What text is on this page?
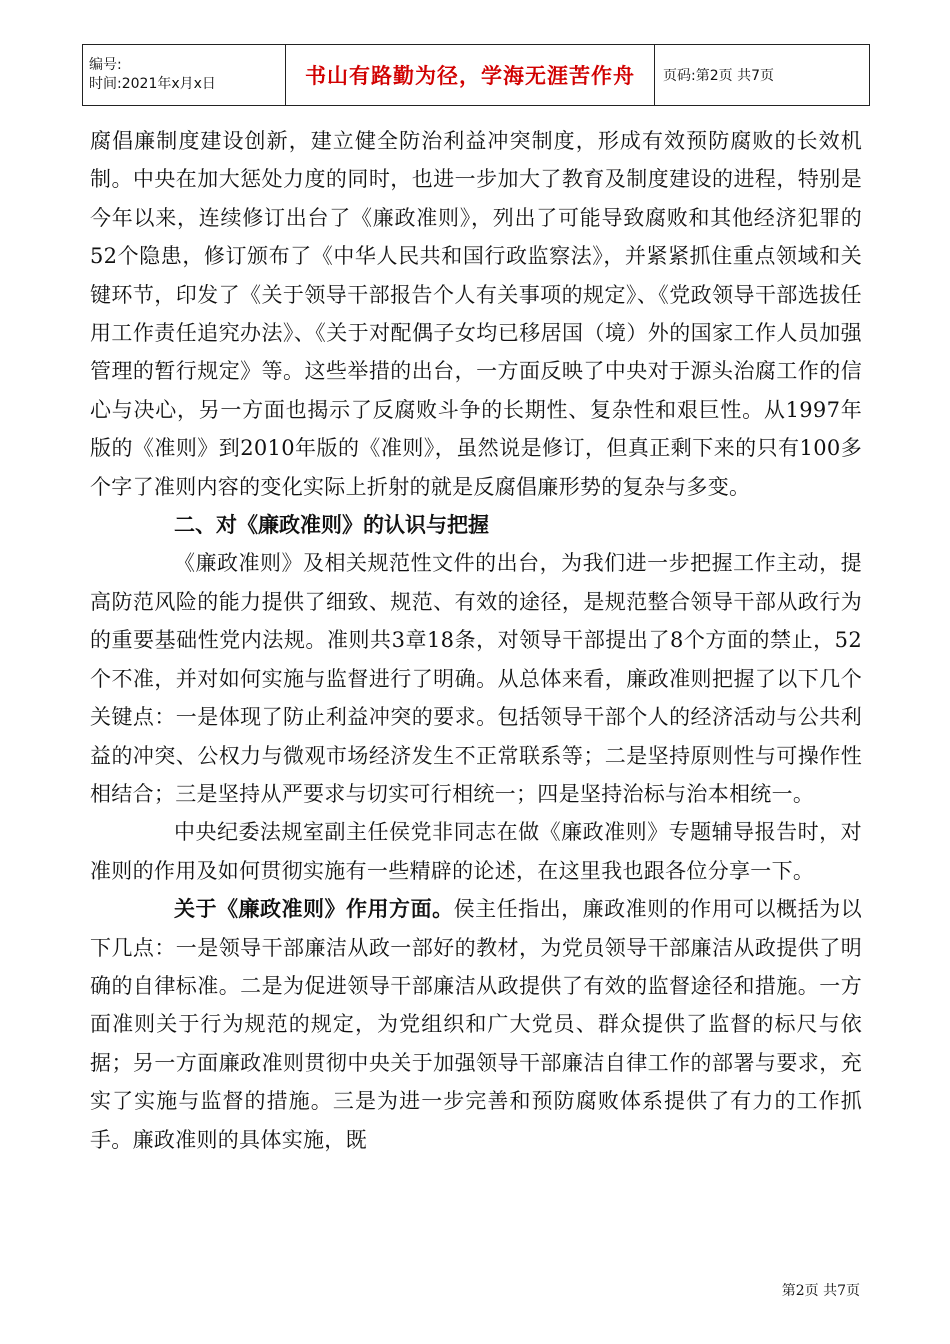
编号:
时间:2021年x月x日	书山有路勤为径，学海无涯苦作舟	页码:第2页 共7页

腐倡廉制度建设创新，建立健全防治利益冲突制度，形成有效预防腐败的长效机制。中央在加大惩处力度的同时，也进一步加大了教育及制度建设的进程，特别是今年以来，连续修订出台了《廉政准则》，列出了可能导致腐败和其他经济犯罪的52个隐患，修订颁布了《中华人民共和国行政监察法》，并紧紧抓住重点领域和关键环节，印发了《关于领导干部报告个人有关事项的规定》、《党政领导干部选拔任用工作责任追究办法》、《关于对配偶子女均已移居国（境）外的国家工作人员加强管理的暂行规定》等。这些举措的出台，一方面反映了中央对于源头治腐工作的信心与决心，另一方面也揭示了反腐败斗争的长期性、复杂性和艰巨性。从1997年版的《准则》到2010年版的《准则》，虽然说是修订，但真正剩下来的只有100多个字了准则内容的变化实际上折射的就是反腐倡廉形势的复杂与多变。

二、对《廉政准则》的认识与把握

《廉政准则》及相关规范性文件的出台，为我们进一步把握工作主动，提高防范风险的能力提供了细致、规范、有效的途径，是规范整合领导干部从政行为的重要基础性党内法规。准则共3章18条，对领导干部提出了8个方面的禁止，52个不准，并对如何实施与监督进行了明确。从总体来看，廉政准则把握了以下几个关键点：一是体现了防止利益冲突的要求。包括领导干部个人的经济活动与公共利益的冲突、公权力与微观市场经济发生不正常联系等；二是坚持原则性与可操作性相结合；三是坚持从严要求与切实可行相统一；四是坚持治标与治本相统一。

中央纪委法规室副主任侯党非同志在做《廉政准则》专题辅导报告时，对准则的作用及如何贯彻实施有一些精辟的论述，在这里我也跟各位分享一下。

关于《廉政准则》作用方面。侯主任指出，廉政准则的作用可以概括为以下几点：一是领导干部廉洁从政一部好的教材，为党员领导干部廉洁从政提供了明确的自律标准。二是为促进领导干部廉洁从政提供了有效的监督途径和措施。一方面准则关于行为规范的规定，为党组织和广大党员、群众提供了监督的标尺与依据；另一方面廉政准则贯彻中央关于加强领导干部廉洁自律工作的部署与要求，充实了实施与监督的措施。三是为进一步完善和预防腐败体系提供了有力的工作抓手。廉政准则的具体实施，既

第2页 共7页
